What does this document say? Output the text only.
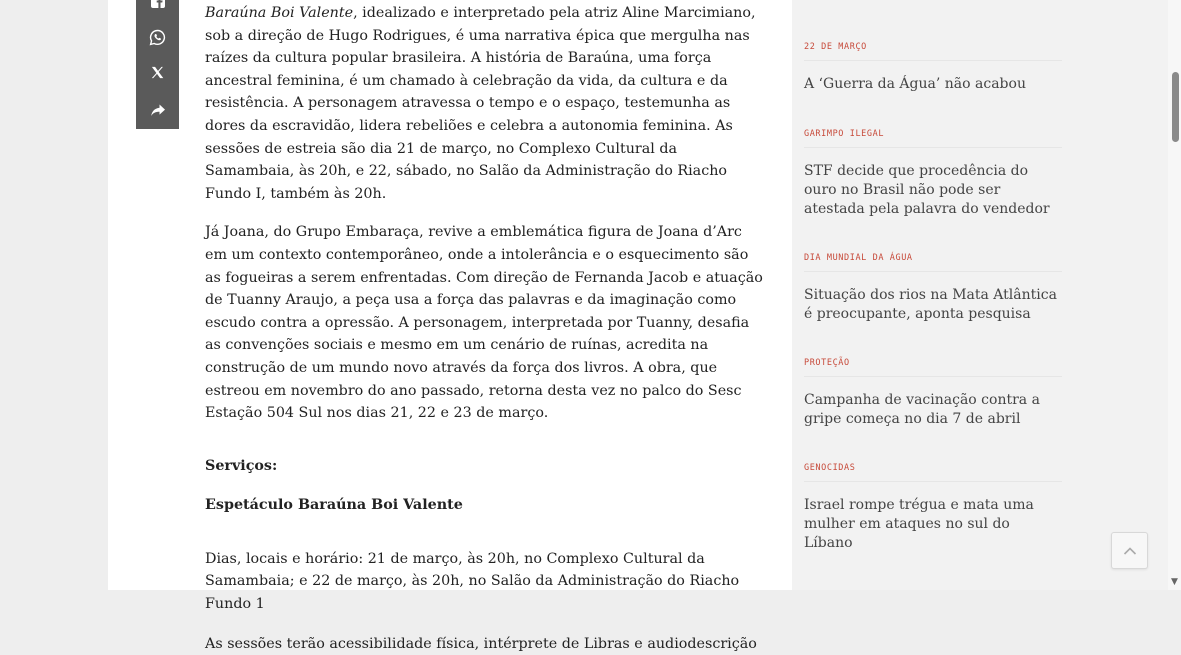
Baraúna Boi Valente, idealizado e interpretado pela atriz Aline Marcimiano, sob a direção de Hugo Rodrigues, é uma narrativa épica que mergulha nas raízes da cultura popular brasileira. A história de Baraúna, uma força ancestral feminina, é um chamado à celebração da vida, da cultura e da resistência. A personagem atravessa o tempo e o espaço, testemunha as dores da escravidão, lidera rebeliões e celebra a autonomia feminina. As sessões de estreia são dia 21 de março, no Complexo Cultural da Samambaia, às 20h, e 22, sábado, no Salão da Administração do Riacho Fundo I, também às 20h.

Já Joana, do Grupo Embaraça, revive a emblemática figura de Joana d’Arc em um contexto contemporâneo, onde a intolerância e o esquecimento são as fogueiras a serem enfrentadas. Com direção de Fernanda Jacob e atuação de Tuanny Araujo, a peça usa a força das palavras e da imaginação como escudo contra a opressão. A personagem, interpretada por Tuanny, desafia as convenções sociais e mesmo em um cenário de ruínas, acredita na construção de um mundo novo através da força dos livros. A obra, que estreou em novembro do ano passado, retorna desta vez no palco do Sesc Estação 504 Sul nos dias 21, 22 e 23 de março.

Serviços:

Espetáculo Baraúna Boi Valente

Dias, locais e horário: 21 de março, às 20h, no Complexo Cultural da Samambaia; e 22 de março, às 20h, no Salão da Administração do Riacho Fundo 1

As sessões terão acessibilidade física, intérprete de Libras e audiodescrição

22 DE MARÇO
A ‘Guerra da Água’ não acabou
GARIMPO ILEGAL
STF decide que procedência do ouro no Brasil não pode ser atestada pela palavra do vendedor
DIA MUNDIAL DA ÁGUA
Situação dos rios na Mata Atlântica é preocupante, aponta pesquisa
PROTEÇÃO
Campanha de vacinação contra a gripe começa no dia 7 de abril
GENOCIDAS
Israel rompe trégua e mata uma mulher em ataques no sul do Líbano
▼
